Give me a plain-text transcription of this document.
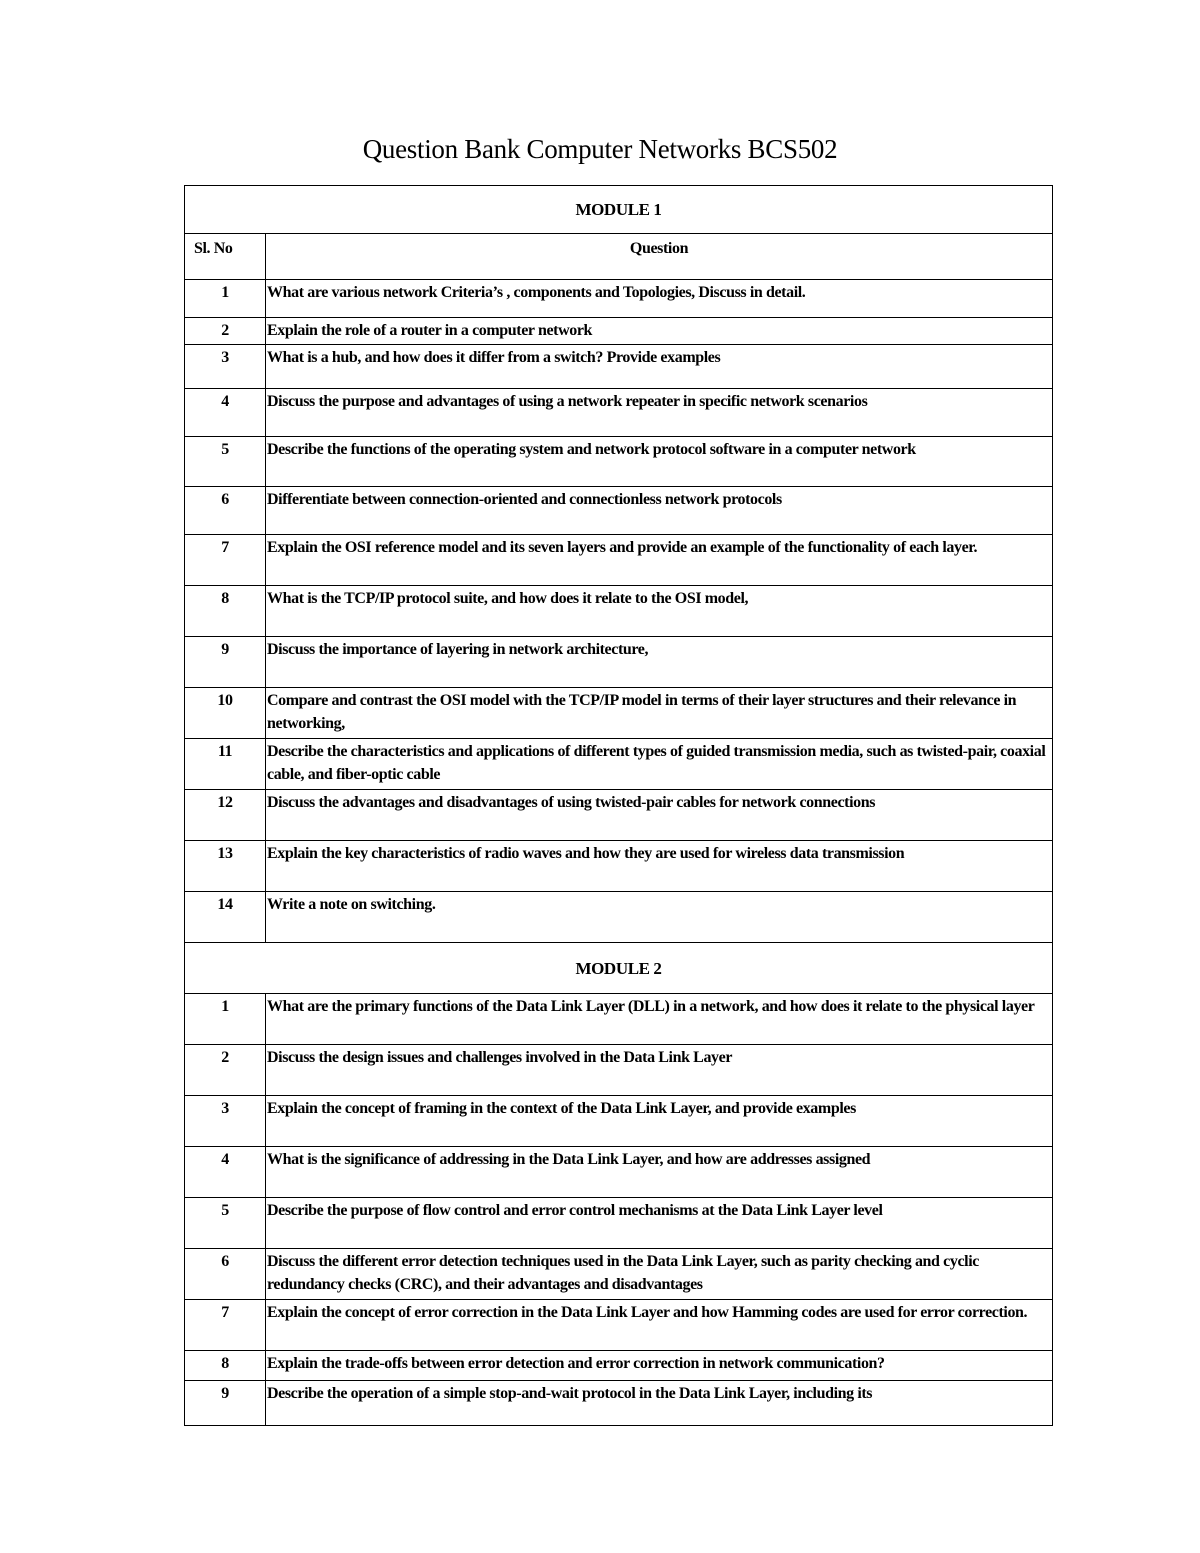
Question Bank Computer Networks BCS502
MODULE 1	
Sl. No	Question
1	What are various network Criteria’s , components and Topologies, Discuss in detail.
2	Explain the role of a router in a computer network
3	What is a hub, and how does it differ from a switch? Provide examples
4	Discuss the purpose and advantages of using a network repeater in specific network scenarios
5	Describe the functions of the operating system and network protocol software in a computer network
6	Differentiate between connection-oriented and connectionless network protocols
7	Explain the OSI reference model and its seven layers and provide an example of the functionality of each layer.
8	What is the TCP/IP protocol suite, and how does it relate to the OSI model,
9	Discuss the importance of layering in network architecture,
10	Compare and contrast the OSI model with the TCP/IP model in terms of their layer structures and their relevance in networking,
11	Describe the characteristics and applications of different types of guided transmission media, such as twisted-pair, coaxial cable, and fiber-optic cable
12	Discuss the advantages and disadvantages of using twisted-pair cables for network connections
13	Explain the key characteristics of radio waves and how they are used for wireless data transmission
14	Write a note on switching.
MODULE 2	
1	What are the primary functions of the Data Link Layer (DLL) in a network, and how does it relate to the physical layer
2	Discuss the design issues and challenges involved in the Data Link Layer
3	Explain the concept of framing in the context of the Data Link Layer, and provide examples
4	What is the significance of addressing in the Data Link Layer, and how are addresses assigned
5	Describe the purpose of flow control and error control mechanisms at the Data Link Layer level
6	Discuss the different error detection techniques used in the Data Link Layer, such as parity checking and cyclic redundancy checks (CRC), and their advantages and disadvantages
7	Explain the concept of error correction in the Data Link Layer and how Hamming codes are used for error correction.
8	Explain the trade-offs between error detection and error correction in network communication?
9	Describe the operation of a simple stop-and-wait protocol in the Data Link Layer, including its
